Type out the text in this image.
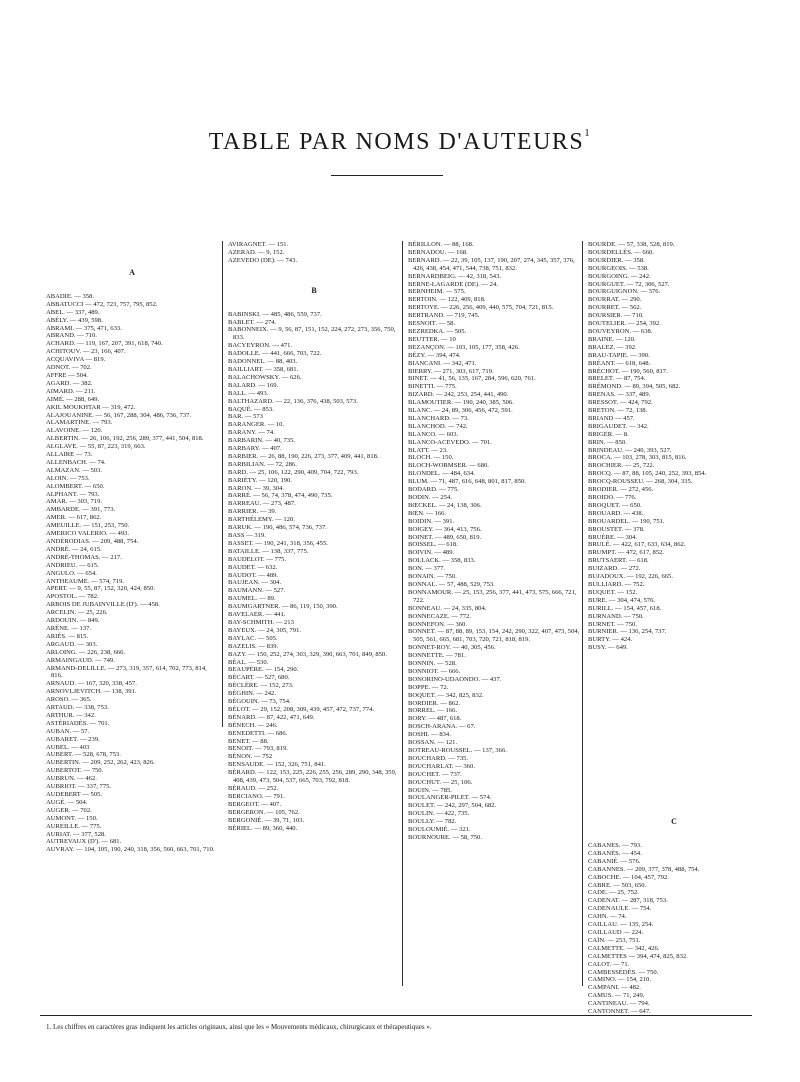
TABLE PAR NOMS D'AUTEURS$^1$
A
ABADIE. — 358.
ABBATUCCI — 472, 723, 757, 795, 852.
ABEL. — 337, 489.
ABÉLY. — 439, 598.
ABRAMI. — 375, 471, 633.
ABRAND. — 710.
ACHARD. — 119, 167, 207, 391, 618, 740.
ACHITOUV. — 23, 166, 407.
ACQUAVIVA — 819.
ADNOT. — 702.
AFFRE — 504.
AGARD. — 382.
AIMARD. — 211.
AIMÉ. — 288, 649.
AKIL MOUKHTAR — 319, 472.
ALAJOUANINE. — 56, 167, 288, 304, 486, 736, 737.
ALAMARTINE. — 793.
ALAVOINE. — 120.
ALBERTIN. — 26, 106, 192, 256, 289, 377, 441, 504, 818.
ALGLAVE. — 55, 87, 223, 319, 663.
ALLAIRE — 73.
ALLENBACH. — 74.
ALMAZAN. — 503.
ALOIN. — 753.
ALOMBERT. — 650.
ALPHANT. — 793.
AMAR. — 303, 719.
AMBARDE. — 391, 773.
AMER. — 617, 862.
AMEUILLE. — 151, 253, 750.
AMERICO VALERIO. — 493.
ANDÉRODIAS. — 209, 488, 754.
ANDRÉ. — 24, 615.
ANDRÉ-THOMAS. — 217.
ANDRIEU. — 615.
ANGULO. — 654.
ANTHEAUME. — 574, 719.
APERT. — 9, 55, 87, 152, 320, 424, 850.
APOSTOL. — 782.
ARBOIS DE JUBAINVILLE (D'). — 458.
ARCELIN. — 25, 226.
ARDOUIN. — 849.
ARÈNE. — 137.
ARIÈS. — 815.
ARGAUD. — 303.
ARLOING. — 226, 238, 666.
ARMAINGAUD. — 749.
ARMAND-DELILLE. — 273, 319, 357, 614, 702, 773, 814, 816.
ARNAUD. — 167, 320, 338, 457.
ARNOVLJEVITCH. — 138, 391.
AROSO. — 365.
ARTAUD. — 338, 753.
ARTHUR. — 342.
ASTÉRIADÈS. — 701.
AUBAN. — 57.
AUBARET. — 239.
AUBEL. — 403
AUBERT. — 528, 678, 753.
AUBERTIN. — 209, 252, 262, 423, 826.
AUBERTOT. — 750.
AUBRUN. — 462.
AUBRIOT. — 337, 775.
AUDEBERT — 505.
AUGÉ. — 504.
AUGER. — 702.
AUMONT. — 150.
AUREILLE. — 775.
AURIAT. — 377, 528.
AUTREVAUX (D'). — 681.
AUVRAY. — 104, 105, 190, 240, 318, 356, 560, 663, 701, 710.
AVIRAGNET. — 151.
AZERAD. — 9, 152.
AZEVEDO (DE). — 743.
B
BABINSKI. — 485, 486, 559, 737.
BABLET. — 274.
BABONNEIX. — 9, 56, 87, 151, 152, 224, 272, 273, 356, 750, 833.
BACYEYRON. — 471.
BADOLLE. — 441, 666, 703, 722.
BADONNEL. — 88, 403.
BAILLIART. — 358, 681.
BALACHOWSKY. — 626.
BALARD. — 169.
BALL. — 493.
BALTHAZARD. — 22, 136, 376, 438, 503, 573.
BAQUÉ. — 853.
BAR. — 573
BARANGER. — 10.
BARANY. — 74.
BARBARIN. — 40, 735.
BARBARY. — 407.
BARBIER. — 26, 88, 190, 226, 273, 377, 409, 441, 818.
BARBILIAN. — 72, 286.
BARD. — 25, 106, 122, 290, 409, 704, 722, 793.
BARIÉTY. — 120, 190.
BARON. — 39, 304.
BARRÉ. — 56, 74, 378, 474, 490, 735.
BARREAU. — 273, 487.
BARRIER. — 39.
BARTHÉLEMY. — 120.
BARUK. — 190, 486, 574, 736, 737.
BASS — 319.
BASSET. — 190, 241, 318, 356, 455.
BATAILLE. — 138, 337, 775.
BAUDELOT. — 775.
BAUDET. — 632.
BAUDOT. — 489.
BAUJEAN. — 304.
BAUMANN. — 527.
BAUMEL. — 89.
BAUMGARTNER. — 86, 119, 150, 390.
BAVELAER. — 441.
BAY-SCHMITH. — 213
BAYEUX. — 24, 305, 791.
BAYLAC. — 505.
BAZELIS. — 839.
BAZY. — 150, 252, 274, 303, 329, 390, 663, 701, 849, 850.
BÉAL. — 530.
BEAUPÈRE. — 154, 290.
BÉCART. — 527, 680.
BÉCLÈRE. — 152, 273.
BÉGHIN. — 242.
BÉGOUIN. — 73, 754.
BÉLOT. — 29, 152, 208, 309, 439, 457, 472, 737, 774.
BÉNARD. — 87, 422, 471, 649.
BÉNECH. — 246.
BENEDETTI. — 686.
BENET. — 88.
BENOIT. — 793, 819.
BÉNON. — 752
BENSAUDE. — 152, 326, 751, 841.
BÉRARD. — 122, 153, 225, 226, 255, 256, 289, 290, 348, 359, 408, 439, 473, 504, 537, 665, 703, 792, 818.
BÉRAUD. — 252.
BERCIANO. — 791.
BERGEOT. — 407.
BERGERON. — 105, 762.
BERGONIÉ. — 39, 71, 103.
BÉRIEL. — 89, 360, 440.
BÉRILLON. — 88, 168.
BERNADOU. — 168.
BERNARD. — 22, 39, 105, 137, 190, 207, 274, 345, 357, 376, 426, 438, 454, 471, 544, 738, 751, 832.
BERNARDBEIG. — 42, 318, 543.
BERNE-LAGARDE (DE). — 24.
BERNHEIM. — 575.
BERTOIN. — 122, 409, 818.
BERTOYE. — 226, 256, 409, 440, 575, 704, 721, 815.
BERTRAND. — 719, 745.
BESNOIT. — 58.
BEZREDKA. — 505.
BEUTTER. — 10
BEZANÇON. — 103, 105, 177, 358, 426.
BÉZY. — 394, 474.
BIANCANI. — 342, 471.
BIERRY. — 271, 303, 617, 719.
BINET. — 41, 56, 135, 167, 284, 596, 620, 761.
BINETTI. — 775.
BIZARD. — 242, 253, 254, 441, 490.
BLAMOUTIER. — 190, 240, 385, 506.
BLANC. — 24, 89, 306, 456, 472, 591.
BLANCHARD. — 73.
BLANCHOD. — 742.
BLANCO. — 603.
BLANCO-ACEVEDO. — 701.
BLATT. — 23.
BLOCH. — 150.
BLOCH-WORMSER. — 680.
BLONDEL. — 484, 634.
BLUM. — 71, 487, 616, 648, 801, 817, 850.
BODARD. — 775.
BODIN. — 254.
BŒCKEL. — 24, 138, 306.
BŒN. — 166.
BOIDIN. — 391.
BOIGEY. — 364, 413, 756.
BOINET. — 489, 650, 819.
BOISSEL. — 618.
BOIVIN. — 489.
BOLLACK. — 358, 833.
BON. — 377.
BONAIN. — 750.
BONNAL. — 57, 488, 529, 753.
BONNAMOUR. — 25, 153, 256, 377, 441, 473, 575, 666, 721, 722.
BONNEAU. — 24, 335, 804.
BONNECAZE. — 772.
BONNEFON. — 360.
BONNET. — 87, 88, 89, 153, 154, 242, 290, 322, 407, 473, 504, 505, 561, 665, 681, 703, 720, 721, 818, 819.
BONNET-ROY. — 40, 305, 456.
BONNETTE. — 781.
BONNIN. — 528.
BONNIOT. — 666.
BONORINO-UDAONDO. — 437.
BOPPE. — 72.
BOQUET. — 342, 825, 832.
BORDIER. — 862.
BORREL. — 166.
BORY. — 487, 618.
BOSCH-ARANA. — 67.
BOSHI. — 834.
BOSSAN. — 121.
BOTREAU-ROUSSEL. — 137, 366.
BOUCHARD. — 735.
BOUCHARLAT. — 360.
BOUCHET. — 737.
BOUCHUT. — 25, 106.
BOUIN. — 785.
BOULANGER-PILET. — 574.
BOULET. — 242, 297, 504, 682.
BOULIN. — 422, 735.
BOULLY. — 782.
BOULOUMIÉ. — 321.
BOURNOURE. — 58, 750.
BOURDE. — 57, 338, 528, 819.
BOURDELLÈS. — 660.
BOURDIER. — 358.
BOURGEOIS. — 538.
BOURGOING. — 242.
BOURGUET. — 72, 306, 527.
BOURGUIGNON. — 376.
BOURRAT. — 290.
BOURRET. — 562.
BOURSIER. — 710.
BOUTELIER. — 254, 392.
BOUVEYRON. — 638.
BRAINE. — 120.
BRALEZ. — 392.
BRAU-TAPIE. — 390.
BRÉANT. — 618, 648.
BRÉCHOT. — 190, 560, 817.
BRELET. — 87, 754.
BRÉMOND. — 89, 394, 505, 682.
BRENAS. — 337, 489.
BRESSOT. — 424, 792.
BRETON. — 72, 138.
BRIAND — 457.
BRIGAUDET. — 342.
BRIGER. — 8.
BRIN. — 850.
BRINDEAU. — 240, 393, 527.
BROCA. — 103, 278, 303, 815, 816.
BROCHIER. — 25, 722.
BROCQ. — 87, 88, 105, 240, 252, 393, 854.
BROCQ-ROUSSEU. — 268, 304, 335.
BRODIER. — 272, 456.
BROIDO. — 776.
BROQUET. — 650.
BROUARD. — 438.
BROUARDEL. — 190, 751.
BROUSTET. — 378.
BRUÈRE. — 304.
BRULÉ. — 422, 617, 633, 634, 862.
BRUMPT. — 472, 617, 852.
BRUTSAERT. — 618.
BUIZARD. — 272.
BUJADOUX. — 192, 226, 665.
BULLIARD. — 752.
BUQUET. — 152.
BURE. — 304, 474, 576.
BURILL. — 154, 457, 618.
BURNAND. — 750.
BURNET. — 750.
BURNIER. — 136, 254, 737.
BURTY. — 424.
BUSY. — 649.
C
CABANES. — 793.
CABANÈS. — 454.
CABANIÉ. — 576.
CABANNES. — 209, 377, 378, 488, 754.
CABOCHE. — 104, 457, 792.
CABRE. — 503, 650.
CADE. — 25, 752.
CADENAT. — 287, 318, 753.
CADENAULE. — 754.
CAHN. — 74.
CAILLAU. — 135, 254.
CAILLAUD — 224.
CAÏN. — 253, 751.
CALMETTE. — 342, 426.
CALMETTES — 394, 474, 825, 832.
CALOT. — 71.
CAMBESSÉDÈS. — 750.
CAMINO. — 154, 210.
CAMPANI. — 482.
CAMUS. — 71, 249.
CANTINEAU. — 794.
CANTONNET. — 647.
1. Les chiffres en caractères gras indiquent les articles originaux, ainsi que les « Mouvements médicaux, chirurgicaux et thérapeutiques ».
